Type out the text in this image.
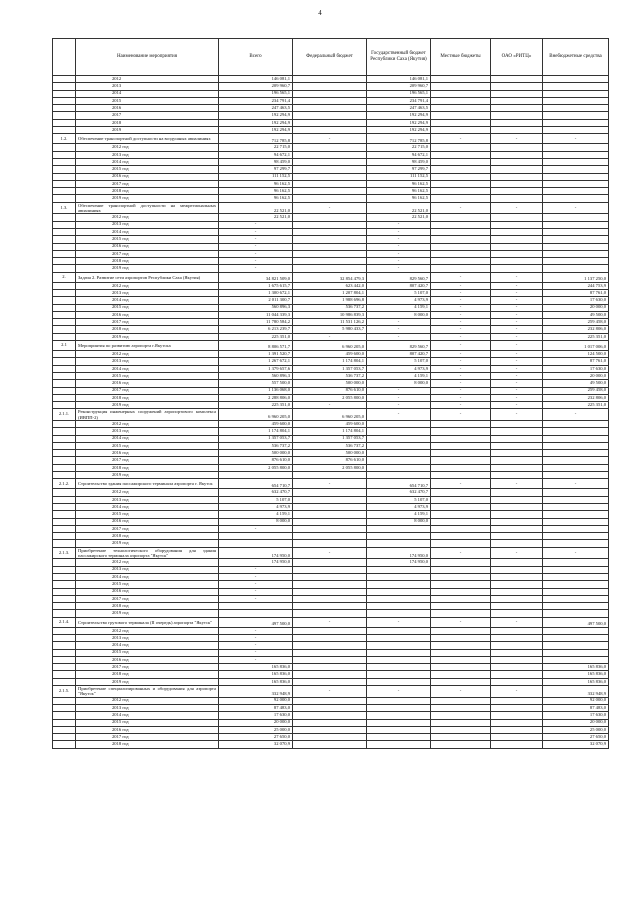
4
	Наименование мероприятия	Всего	Федеральный бюджет	Государственный бюджет Республики Саха (Якутия)	Местные бюджеты	ОАО «РИТЦ»	Внебюджетные средства
	2012	146 081,1		146 081,1			
	2013	209 960,7		209 960,7			
	2014	196 565,1		196 565,1			
	2015	234 791,4		234 791,4			
	2016	247 463,5		247 463,5			
	2017	192 294,9		192 294,9			
	2018	192 294,9		192 294,9			
	2019	192 294,9		192 294,9			
1.2.	Обеспечение транспортной доступности на воздушных авиалиниях	712 785,8	-	712 785,8	-	-	-
	2012 год	22 715,0		22 715,0			
	2013 год	94 672,1		94 672,1			
	2014 год	98 459,0		98 459,0			
	2015 год	97 299,7		97 299,7			
	2016 год	111 152,5		111 152,5			
	2017 год	96 162,5		96 162,5			
	2018 год	96 162,5		96 162,5			
	2019 год	96 162,5		96 162,5			
1.3.	Обеспечение транспортной доступности на межрегиональных авиалиниях	22 521,0	-	22 521,0	-	-	-
	2012 год	22 521,0		22 521,0			
	2013 год	-		-			
	2014 год	-		-			
	2015 год	-		-			
	2016 год	-		-			
	2017 год	-		-			
	2018 год	-		-			
	2019 год	-		-			
2.	Задача 2. Развитие сети аэропортов Республики Саха (Якутия)	34 821 509,0	32 854 479,3	829 560,7	-	-	1 137 250,0
	2012 год	1 675 615,7	623 442,0	807 420,7	-	-	244 753,9
	2013 год	1 300 672,1	1 207 804,1	5 107,0	-	-	87 761,0
	2014 год	2 011 300,7	1 988 696,8	4 973,9	-	-	17 630,0
	2015 год	560 896,3	536 737,2	4 159,1	-	-	20 000,0
	2016 год	11 044 339,3	10 986 839,3	8 000,0	-	-	49 500,0
	2017 год	11 780 584,2	11 531 126,2	-	-	-	259 458,0
	2018 год	6 213 239,7	5 980 433,7	-	-	-	232 806,0
	2019 год	225 351,0	-	-	-	-	225 351,0
2.1	Мероприятия по развитию аэропорта г.Якутска	8 806 571,7	6 960 205,0	829 560,7	-	-	1 017 006,0
	2012 год	1 391 520,7	459 600,0	807 420,7	-	-	124 500,0
	2013 год	1 267 672,1	1 174 804,1	5 107,0	-	-	87 761,0
	2014 год	1 379 657,6	1 357 053,7	4 973,9	-	-	17 630,0
	2015 год	560 896,3	536 737,2	4 159,1	-	-	20 000,0
	2016 год	557 500,0	500 000,0	8 000,0	-	-	49 500,0
	2017 год	1 136 068,0	876 610,0	-	-	-	259 458,0
	2018 год	2 288 806,0	2 055 800,0	-	-	-	232 806,0
	2019 год	225 351,0	-	-	-	-	225 351,0
2.1.1.	Реконструкция инженерных сооружений аэропортового комплекса (ИВПП-2)	6 960 205,0	6 960 205,0	-	-	-	-
	2012 год	459 600,0	459 600,0				
	2013 год	1 174 804,1	1 174 804,1				
	2014 год	1 357 053,7	1 357 053,7				
	2015 год	536 737,2	536 737,2				
	2016 год	500 000,0	500 000,0				
	2017 год	876 610,0	876 610,0				
	2018 год	2 055 800,0	2 055 800,0				
	2019 год						
2.1.2.	Строительство здания пассажирского терминала аэропорта г. Якутск	654 710,7	-	654 710,7	-	-	-
	2012 год	632 470,7		632 470,7			
	2013 год	5 107,0		5 107,0			
	2014 год	4 973,9		4 973,9			
	2015 год	4 159,1		4 159,1			
	2016 год	8 000,0		8 000,0			
	2017 год	-					
	2018 год						
	2019 год						
2.1.3.	Приобретение технологического оборудования для здания пассажирского терминала аэропорта "Якутск"	174 950,0	-	174 950,0	-	-	-
	2012 год	174 950,0		174 950,0			
	2013 год	-					
	2014 год	-					
	2015 год	-					
	2016 год	-					
	2017 год	-					
	2018 год						
	2019 год						
2.1.4.	Строительство грузового терминала (II очередь) аэропорта "Якутск"	497 500,0	-	-	-	-	497 500,0
	2012 год	-					
	2013 год	-					
	2014 год	-					
	2015 год	-					
	2016 год	-					
	2017 год	165 836,0					165 836,0
	2018 год	165 836,0					165 836,0
	2019 год	165 836,0					165 836,0
2.1.5.	Приобретение специализированных и оборудования для аэропорта "Якутск"	332 948,9	-	-	-	-	332 948,9
	2012 год	92 000,0					92 000,0
	2013 год	87 483,0					87 483,0
	2014 год	17 630,0					17 630,0
	2015 год	20 000,0					20 000,0
	2016 год	25 000,0					25 000,0
	2017 год	27 650,0					27 650,0
	2018 год	32 070,9					32 070,9
